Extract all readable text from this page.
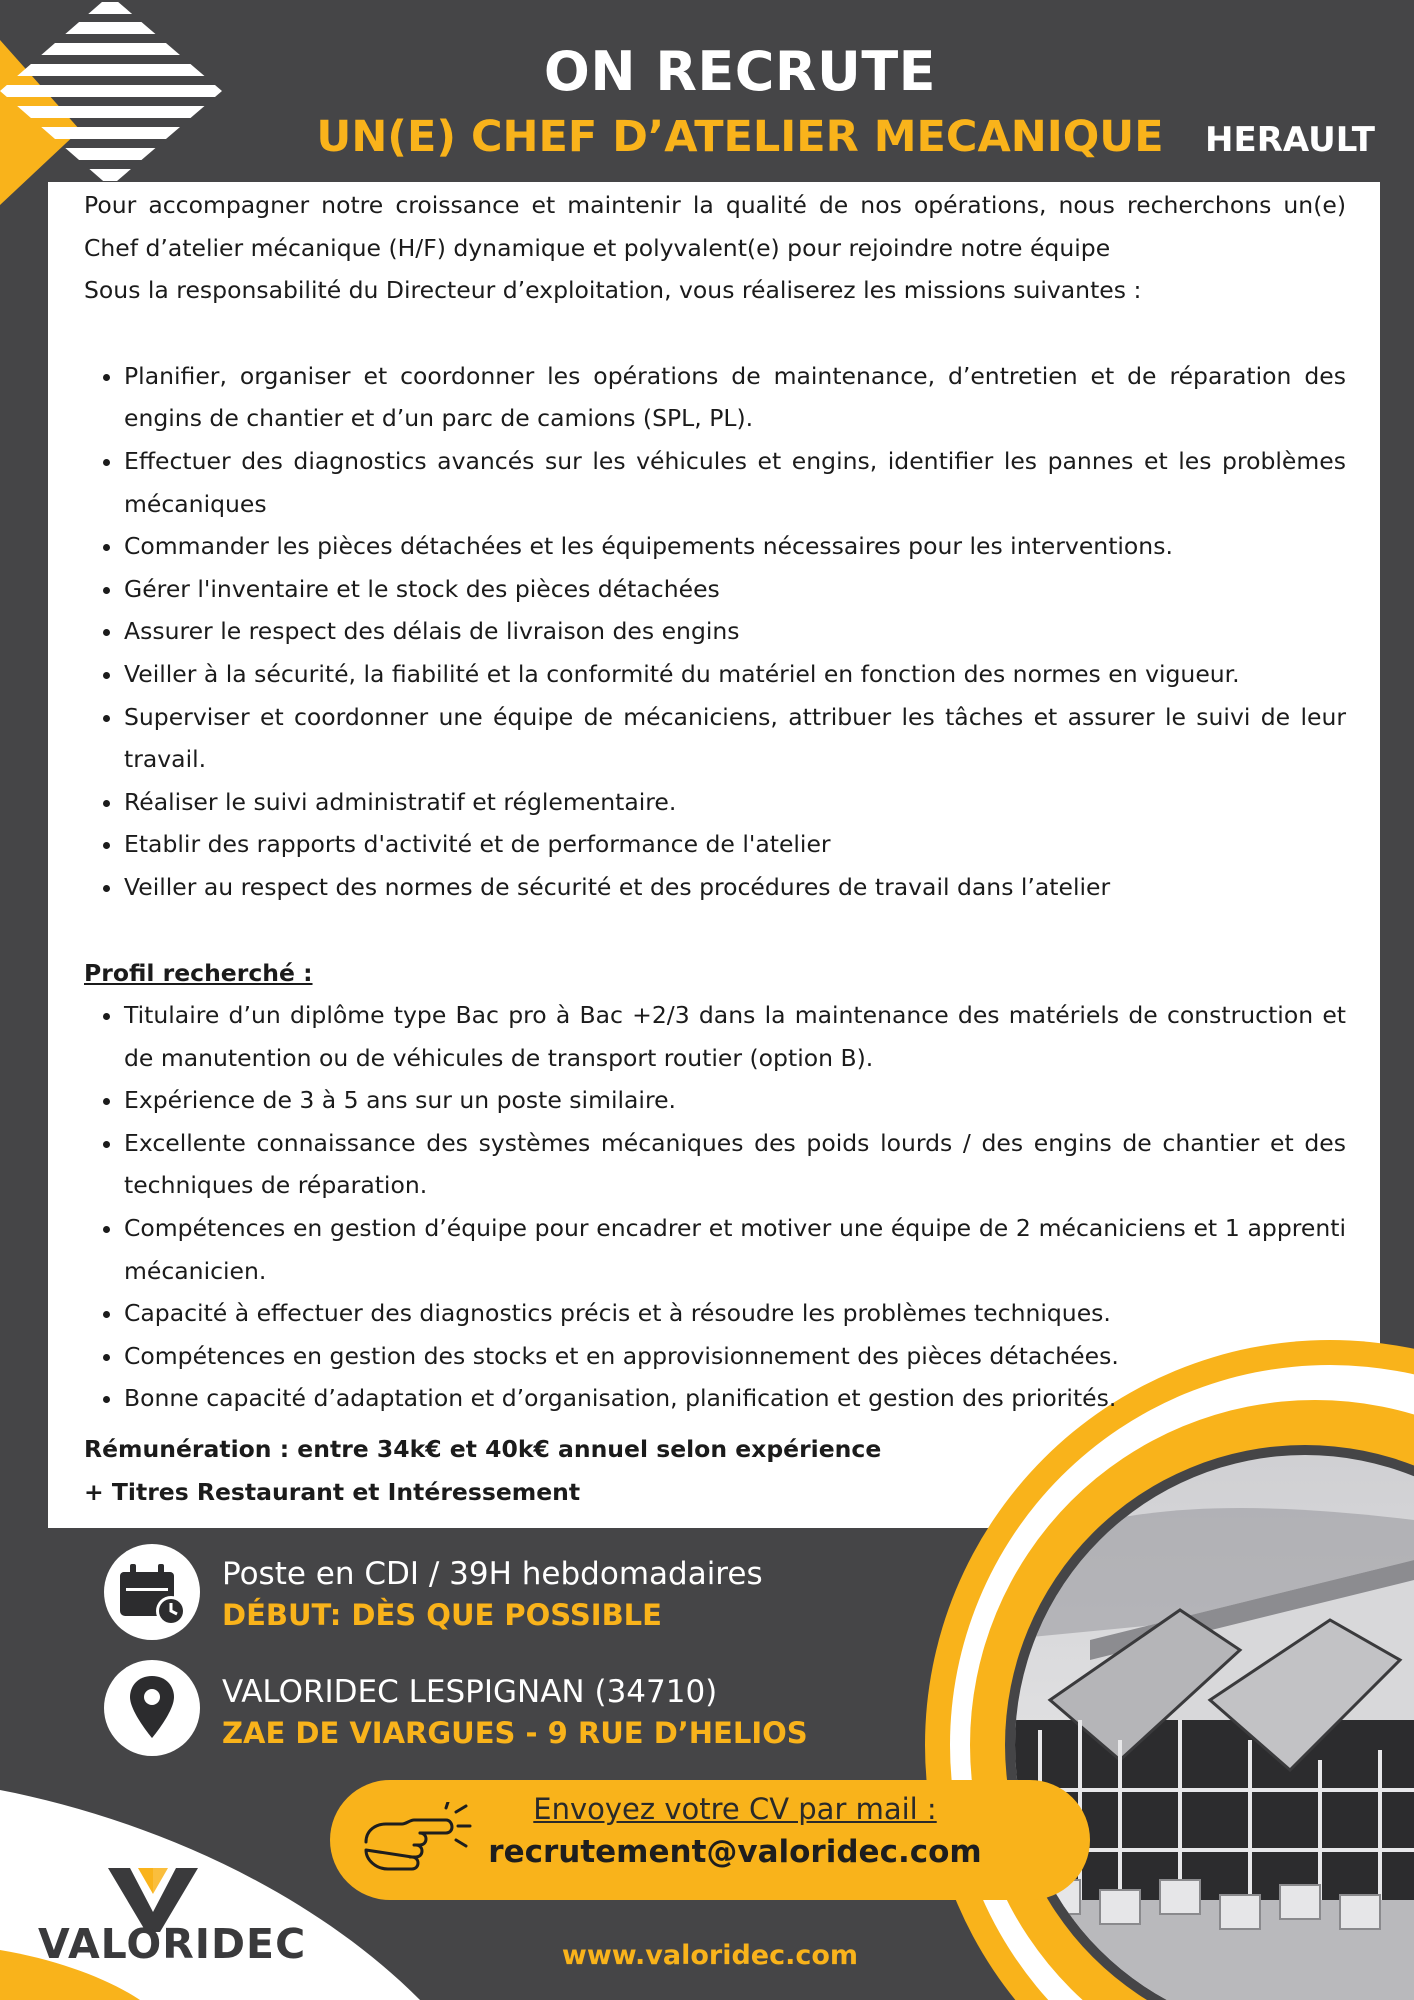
ON RECRUTE
UN(E) CHEF D’ATELIER MECANIQUE	HERAULT

Pour accompagner notre croissance et maintenir la qualité de nos opérations, nous recherchons un(e) Chef d’atelier mécanique (H/F) dynamique et polyvalent(e) pour rejoindre notre équipe

Sous la responsabilité du Directeur d’exploitation, vous réaliserez les missions suivantes :

• Planifier, organiser et coordonner les opérations de maintenance, d’entretien et de réparation des engins de chantier et d’un parc de camions (SPL, PL).
• Effectuer des diagnostics avancés sur les véhicules et engins, identifier les pannes et les problèmes mécaniques
• Commander les pièces détachées et les équipements nécessaires pour les interventions.
• Gérer l'inventaire et le stock des pièces détachées
• Assurer le respect des délais de livraison des engins
• Veiller à la sécurité, la fiabilité et la conformité du matériel en fonction des normes en vigueur.
• Superviser et coordonner une équipe de mécaniciens, attribuer les tâches et assurer le suivi de leur travail.
• Réaliser le suivi administratif et réglementaire.
• Etablir des rapports d'activité et de performance de l'atelier
• Veiller au respect des normes de sécurité et des procédures de travail dans l’atelier

Profil recherché :

• Titulaire d’un diplôme type Bac pro à Bac +2/3 dans la maintenance des matériels de construction et de manutention ou de véhicules de transport routier (option B).
• Expérience de 3 à 5 ans sur un poste similaire.
• Excellente connaissance des systèmes mécaniques des poids lourds / des engins de chantier et des techniques de réparation.
• Compétences en gestion d’équipe pour encadrer et motiver une équipe de 2 mécaniciens et 1 apprenti mécanicien.
• Capacité à effectuer des diagnostics précis et à résoudre les problèmes techniques.
• Compétences en gestion des stocks et en approvisionnement des pièces détachées.
• Bonne capacité d’adaptation et d’organisation, planification et gestion des priorités.

Rémunération : entre 34k€ et 40k€ annuel selon expérience

+ Titres Restaurant et Intéressement

Poste en CDI / 39H hebdomadaires
DÉBUT: DÈS QUE POSSIBLE
VALORIDEC LESPIGNAN (34710)
ZAE DE VIARGUES - 9 RUE D’HELIOS
Envoyez votre CV par mail :
recrutement@valoridec.com
VALORIDEC	www.valoridec.com
